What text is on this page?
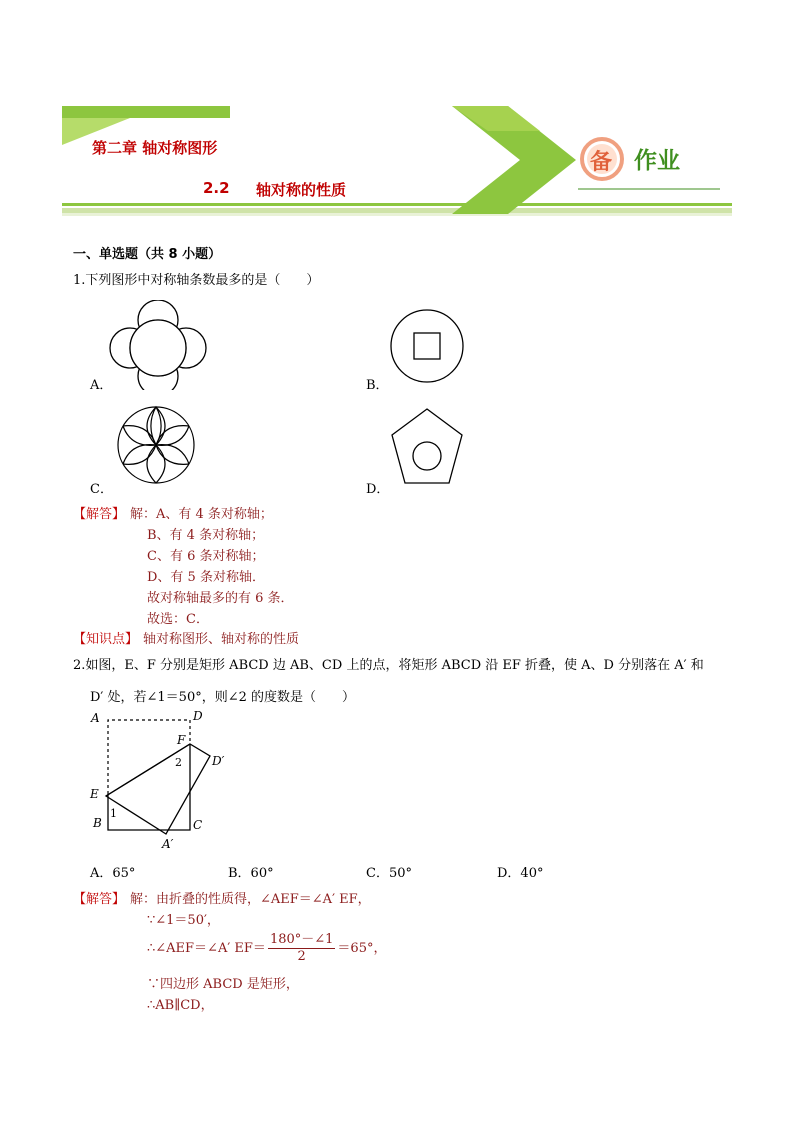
第二章 轴对称图形
2.2 轴对称的性质
备 作业
一、单选题（共 8 小题）
1.下列图形中对称轴条数最多的是（　　）
A．	B．
C．	D．
【解答】 解：A、有 4 条对称轴；
B、有 4 条对称轴；
C、有 6 条对称轴；
D、有 5 条对称轴．
故对称轴最多的有 6 条．
故选：C．
【知识点】 轴对称图形、轴对称的性质
2.如图，E、F 分别是矩形 ABCD 边 AB、CD 上的点，将矩形 ABCD 沿 EF 折叠，使 A、D 分别落在 A′ 和
D′ 处，若∠1＝50°，则∠2 的度数是（　　）
A	D
F
D′
2
E
1
B
A′
C
A．65°	B．60°	C．50°	D．40°
【解答】 解：由折叠的性质得，∠AEF＝∠A′ EF，
∵∠1＝50′，
∴∠AEF＝∠A′ $EF= \frac{180^\circ-\angle 1}{2} =65^\circ$，
∵四边形 ABCD 是矩形，
∴AB∥CD，
